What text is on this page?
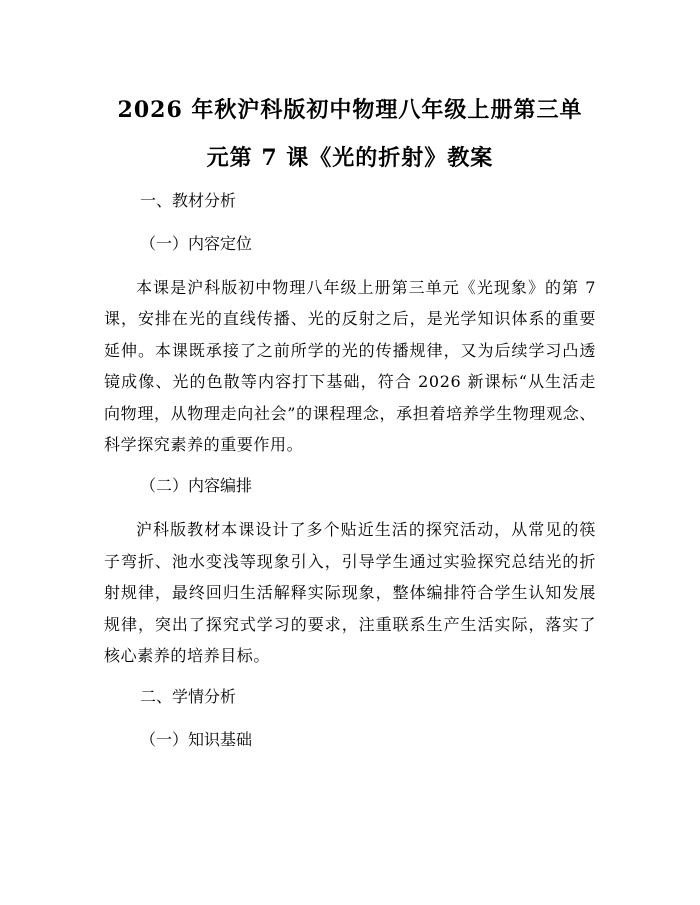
2026 年秋沪科版初中物理八年级上册第三单
元第 7 课《光的折射》教案
一、教材分析
（一）内容定位

本课是沪科版初中物理八年级上册第三单元《光现象》的第 7 课，安排在光的直线传播、光的反射之后，是光学知识体系的重要延伸。本课既承接了之前所学的光的传播规律，又为后续学习凸透镜成像、光的色散等内容打下基础，符合 2026 新课标“从生活走向物理，从物理走向社会”的课程理念，承担着培养学生物理观念、科学探究素养的重要作用。

（二）内容编排

沪科版教材本课设计了多个贴近生活的探究活动，从常见的筷子弯折、池水变浅等现象引入，引导学生通过实验探究总结光的折射规律，最终回归生活解释实际现象，整体编排符合学生认知发展规律，突出了探究式学习的要求，注重联系生产生活实际，落实了核心素养的培养目标。

二、学情分析
（一）知识基础
